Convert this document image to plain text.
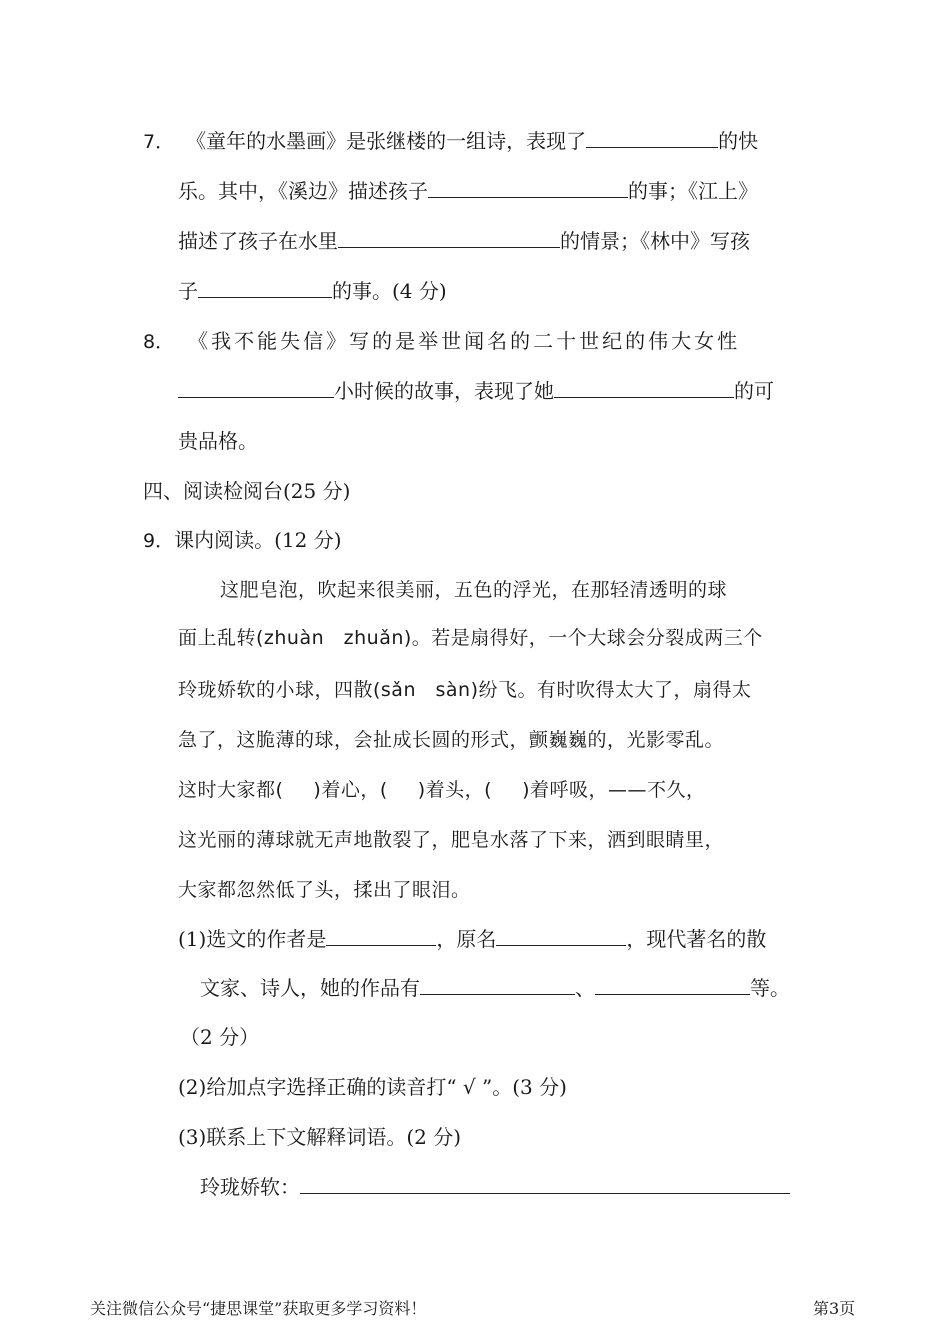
7． 《童年的水墨画》是张继楼的一组诗，表现了	的快
乐。其中，《溪边》描述孩子	的事；《江上》
描述了孩子在水里	的情景；《林中》写孩
子	的事。(4 分)
8． 《我不能失信》写的是举世闻名的二十世纪的伟大女性
小时候的故事，表现了她	的可
贵品格。
四、阅读检阅台(25 分)
9．课内阅读。(12 分)
这肥皂泡，吹起来很美丽，五色的浮光，在那轻清透明的球
面上乱转(zhuàn　zhuǎn)。若是扇得好，一个大球会分裂成两三个
玲珑娇软的小球，四散(sǎn　sàn)纷飞。有时吹得太大了，扇得太
急了，这脆薄的球，会扯成长圆的形式，颤巍巍的，光影零乱。
这时大家都( )着心，( )着头，( )着呼吸，——不久，
这光丽的薄球就无声地散裂了，肥皂水落了下来，洒到眼睛里，
大家都忽然低了头，揉出了眼泪。
(1)选文的作者是	，原名	，现代著名的散
文家、诗人，她的作品有	、	等。
（2 分）
(2)给加点字选择正确的读音打“ √ ”。(3 分)
(3)联系上下文解释词语。(2 分)
玲珑娇软：
关注微信公众号“捷思课堂”获取更多学习资料！	第3页
